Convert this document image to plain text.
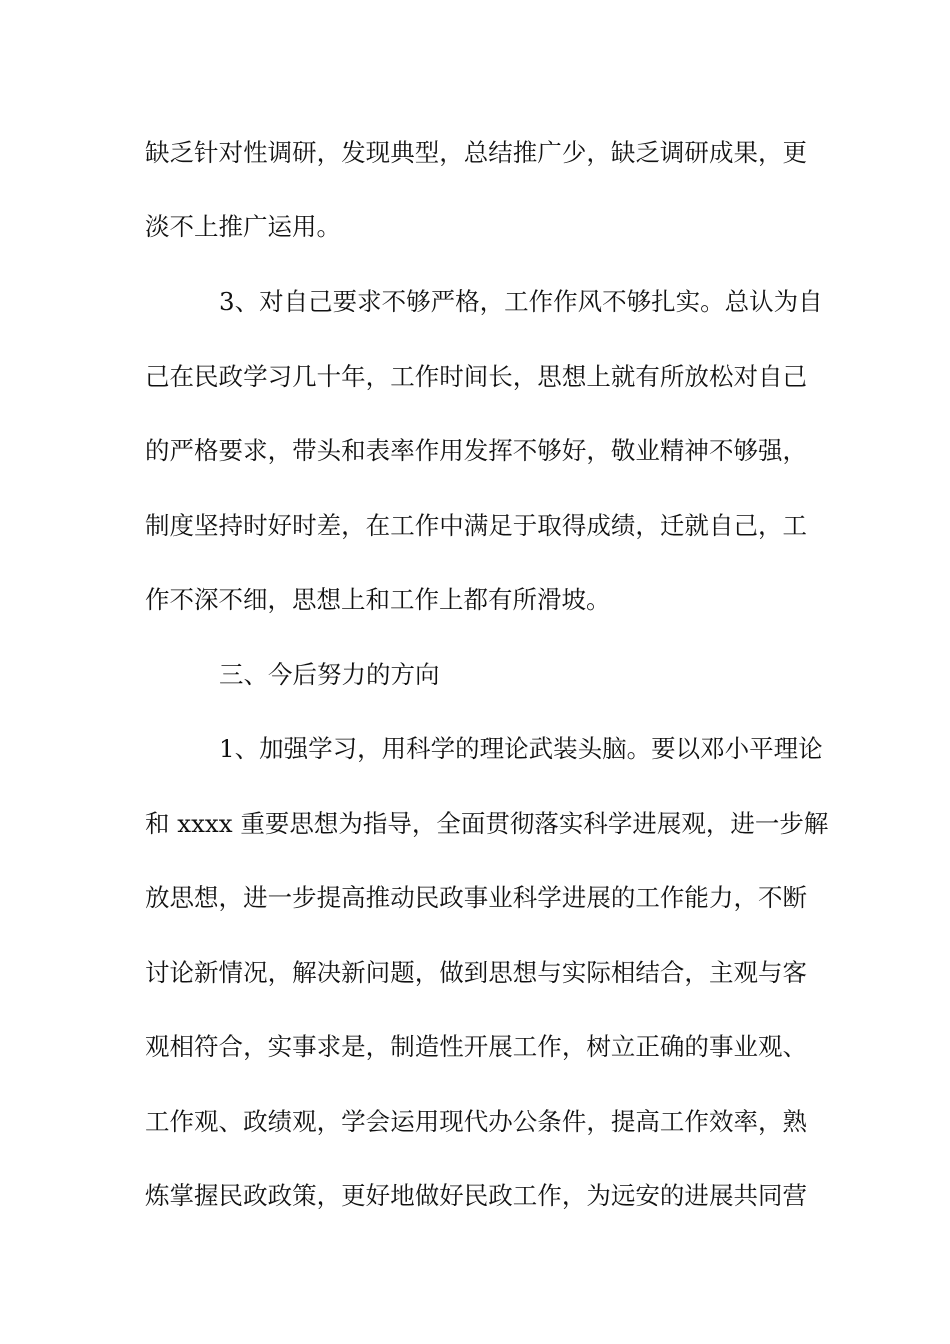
缺乏针对性调研，发现典型，总结推广少，缺乏调研成果，更
淡不上推广运用。
3、对自己要求不够严格，工作作风不够扎实。总认为自
己在民政学习几十年，工作时间长，思想上就有所放松对自己
的严格要求，带头和表率作用发挥不够好，敬业精神不够强，
制度坚持时好时差，在工作中满足于取得成绩，迁就自己，工
作不深不细，思想上和工作上都有所滑坡。
三、今后努力的方向
1、加强学习，用科学的理论武装头脑。要以邓小平理论
和 xxxx 重要思想为指导，全面贯彻落实科学进展观，进一步解
放思想，进一步提高推动民政事业科学进展的工作能力，不断
讨论新情况，解决新问题，做到思想与实际相结合，主观与客
观相符合，实事求是，制造性开展工作，树立正确的事业观、
工作观、政绩观，学会运用现代办公条件，提高工作效率，熟
炼掌握民政政策，更好地做好民政工作，为远安的进展共同营
